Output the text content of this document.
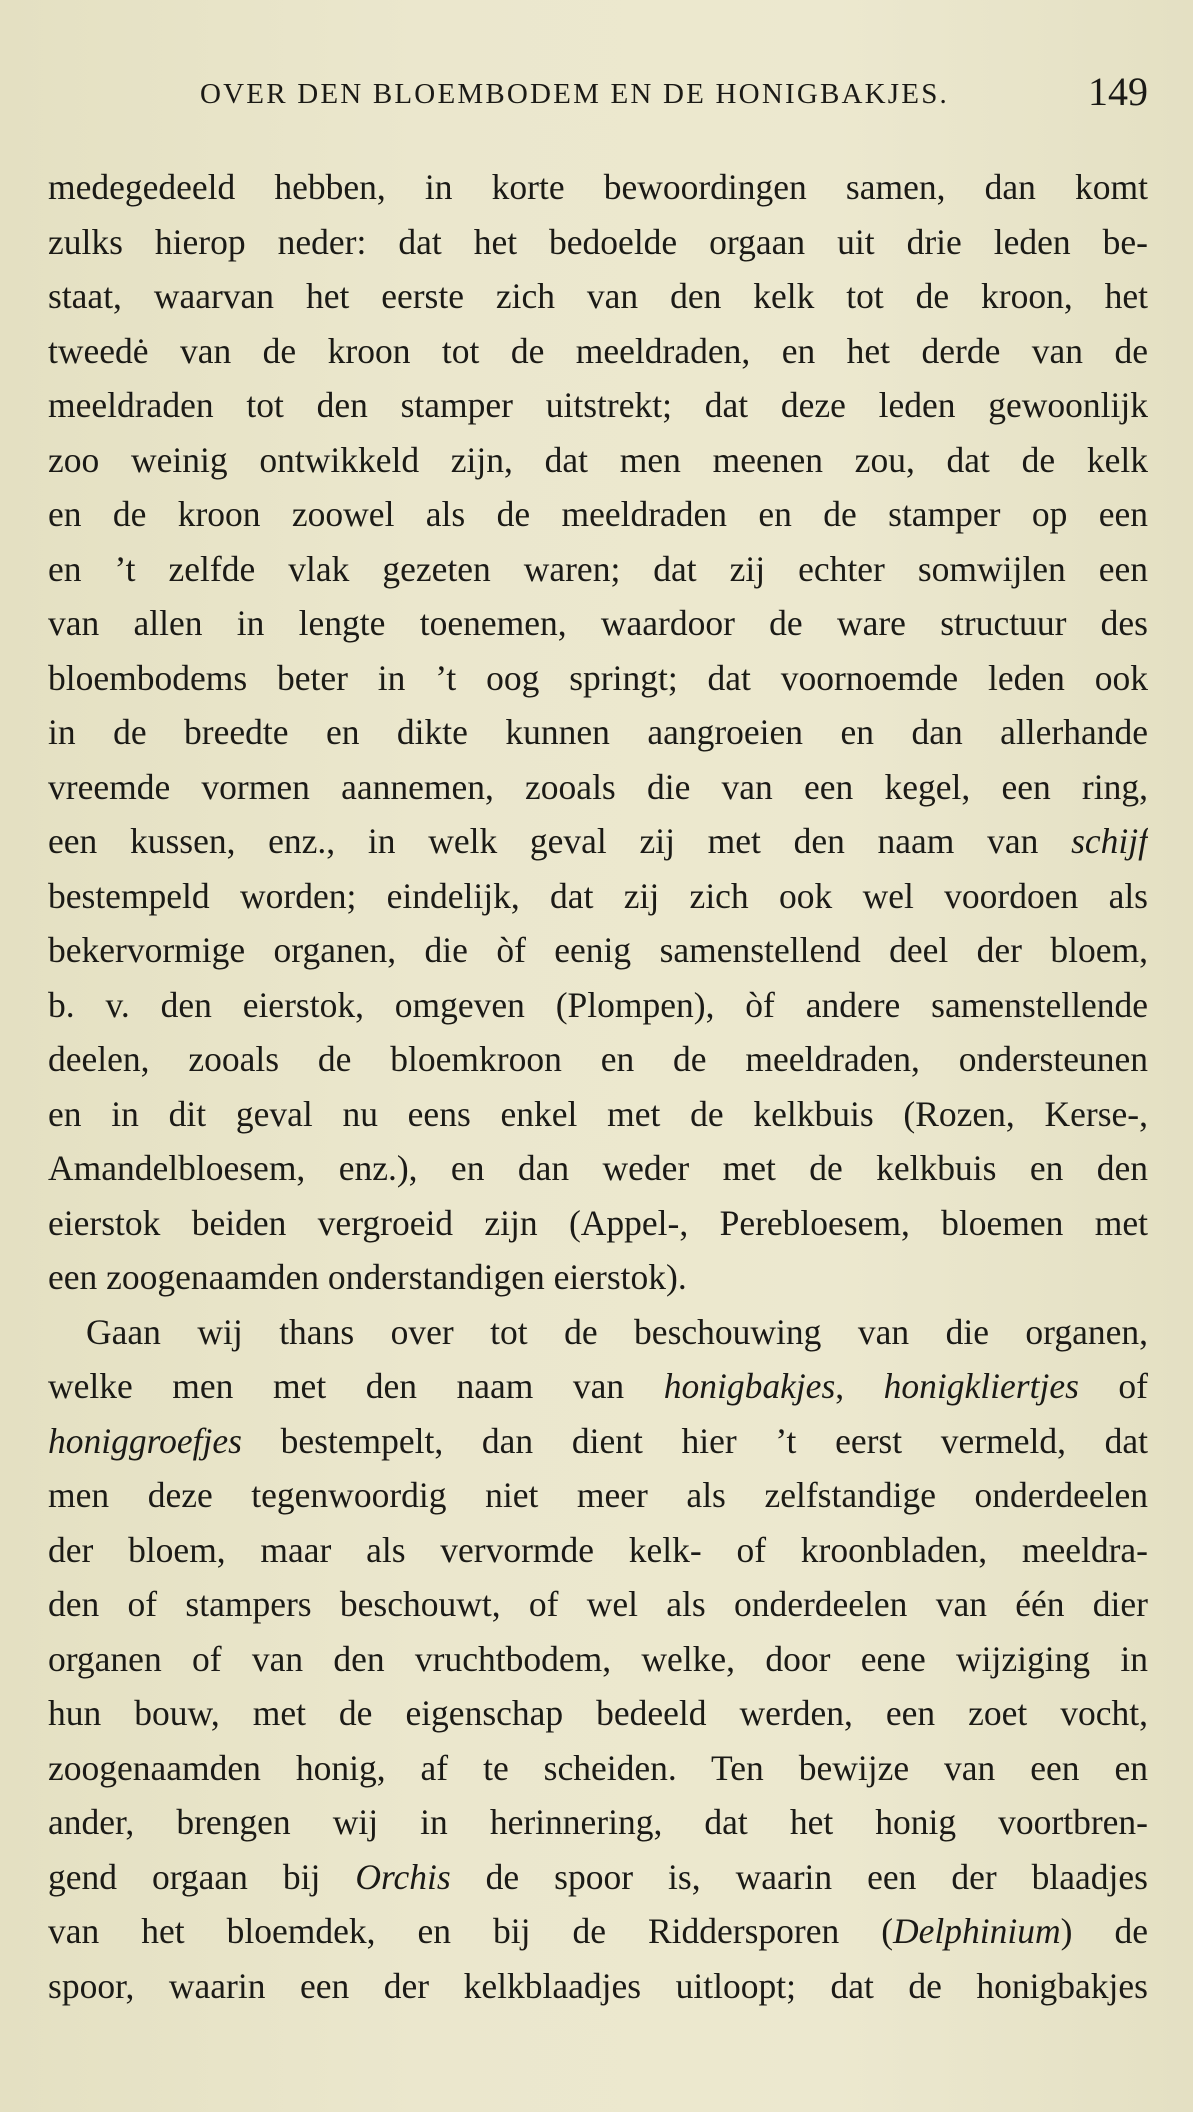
OVER DEN BLOEMBODEM EN DE HONIGBAKJES.	149
medegedeeld hebben, in korte bewoordingen samen, dan komt
zulks hierop neder: dat het bedoelde orgaan uit drie leden be-
staat, waarvan het eerste zich van den kelk tot de kroon, het
tweedė van de kroon tot de meeldraden, en het derde van de
meeldraden tot den stamper uitstrekt; dat deze leden gewoonlijk
zoo weinig ontwikkeld zijn, dat men meenen zou, dat de kelk
en de kroon zoowel als de meeldraden en de stamper op een
en ’t zelfde vlak gezeten waren; dat zij echter somwijlen een
van allen in lengte toenemen, waardoor de ware structuur des
bloembodems beter in ’t oog springt; dat voornoemde leden ook
in de breedte en dikte kunnen aangroeien en dan allerhande
vreemde vormen aannemen, zooals die van een kegel, een ring,
een kussen, enz., in welk geval zij met den naam van schijf
bestempeld worden; eindelijk, dat zij zich ook wel voordoen als
bekervormige organen, die òf eenig samenstellend deel der bloem,
b. v. den eierstok, omgeven (Plompen), òf andere samenstellende
deelen, zooals de bloemkroon en de meeldraden, ondersteunen
en in dit geval nu eens enkel met de kelkbuis (Rozen, Kerse-,
Amandelbloesem, enz.), en dan weder met de kelkbuis en den
eierstok beiden vergroeid zijn (Appel-, Perebloesem, bloemen met
een zoogenaamden onderstandigen eierstok).
Gaan wij thans over tot de beschouwing van die organen,
welke men met den naam van honigbakjes, honigkliertjes of
honiggroefjes bestempelt, dan dient hier ’t eerst vermeld, dat
men deze tegenwoordig niet meer als zelfstandige onderdeelen
der bloem, maar als vervormde kelk- of kroonbladen, meeldra-
den of stampers beschouwt, of wel als onderdeelen van één dier
organen of van den vruchtbodem, welke, door eene wijziging in
hun bouw, met de eigenschap bedeeld werden, een zoet vocht,
zoogenaamden honig, af te scheiden. Ten bewijze van een en
ander, brengen wij in herinnering, dat het honig voortbren-
gend orgaan bij Orchis de spoor is, waarin een der blaadjes
van het bloemdek, en bij de Riddersporen (Delphinium) de
spoor, waarin een der kelkblaadjes uitloopt; dat de honigbakjes
